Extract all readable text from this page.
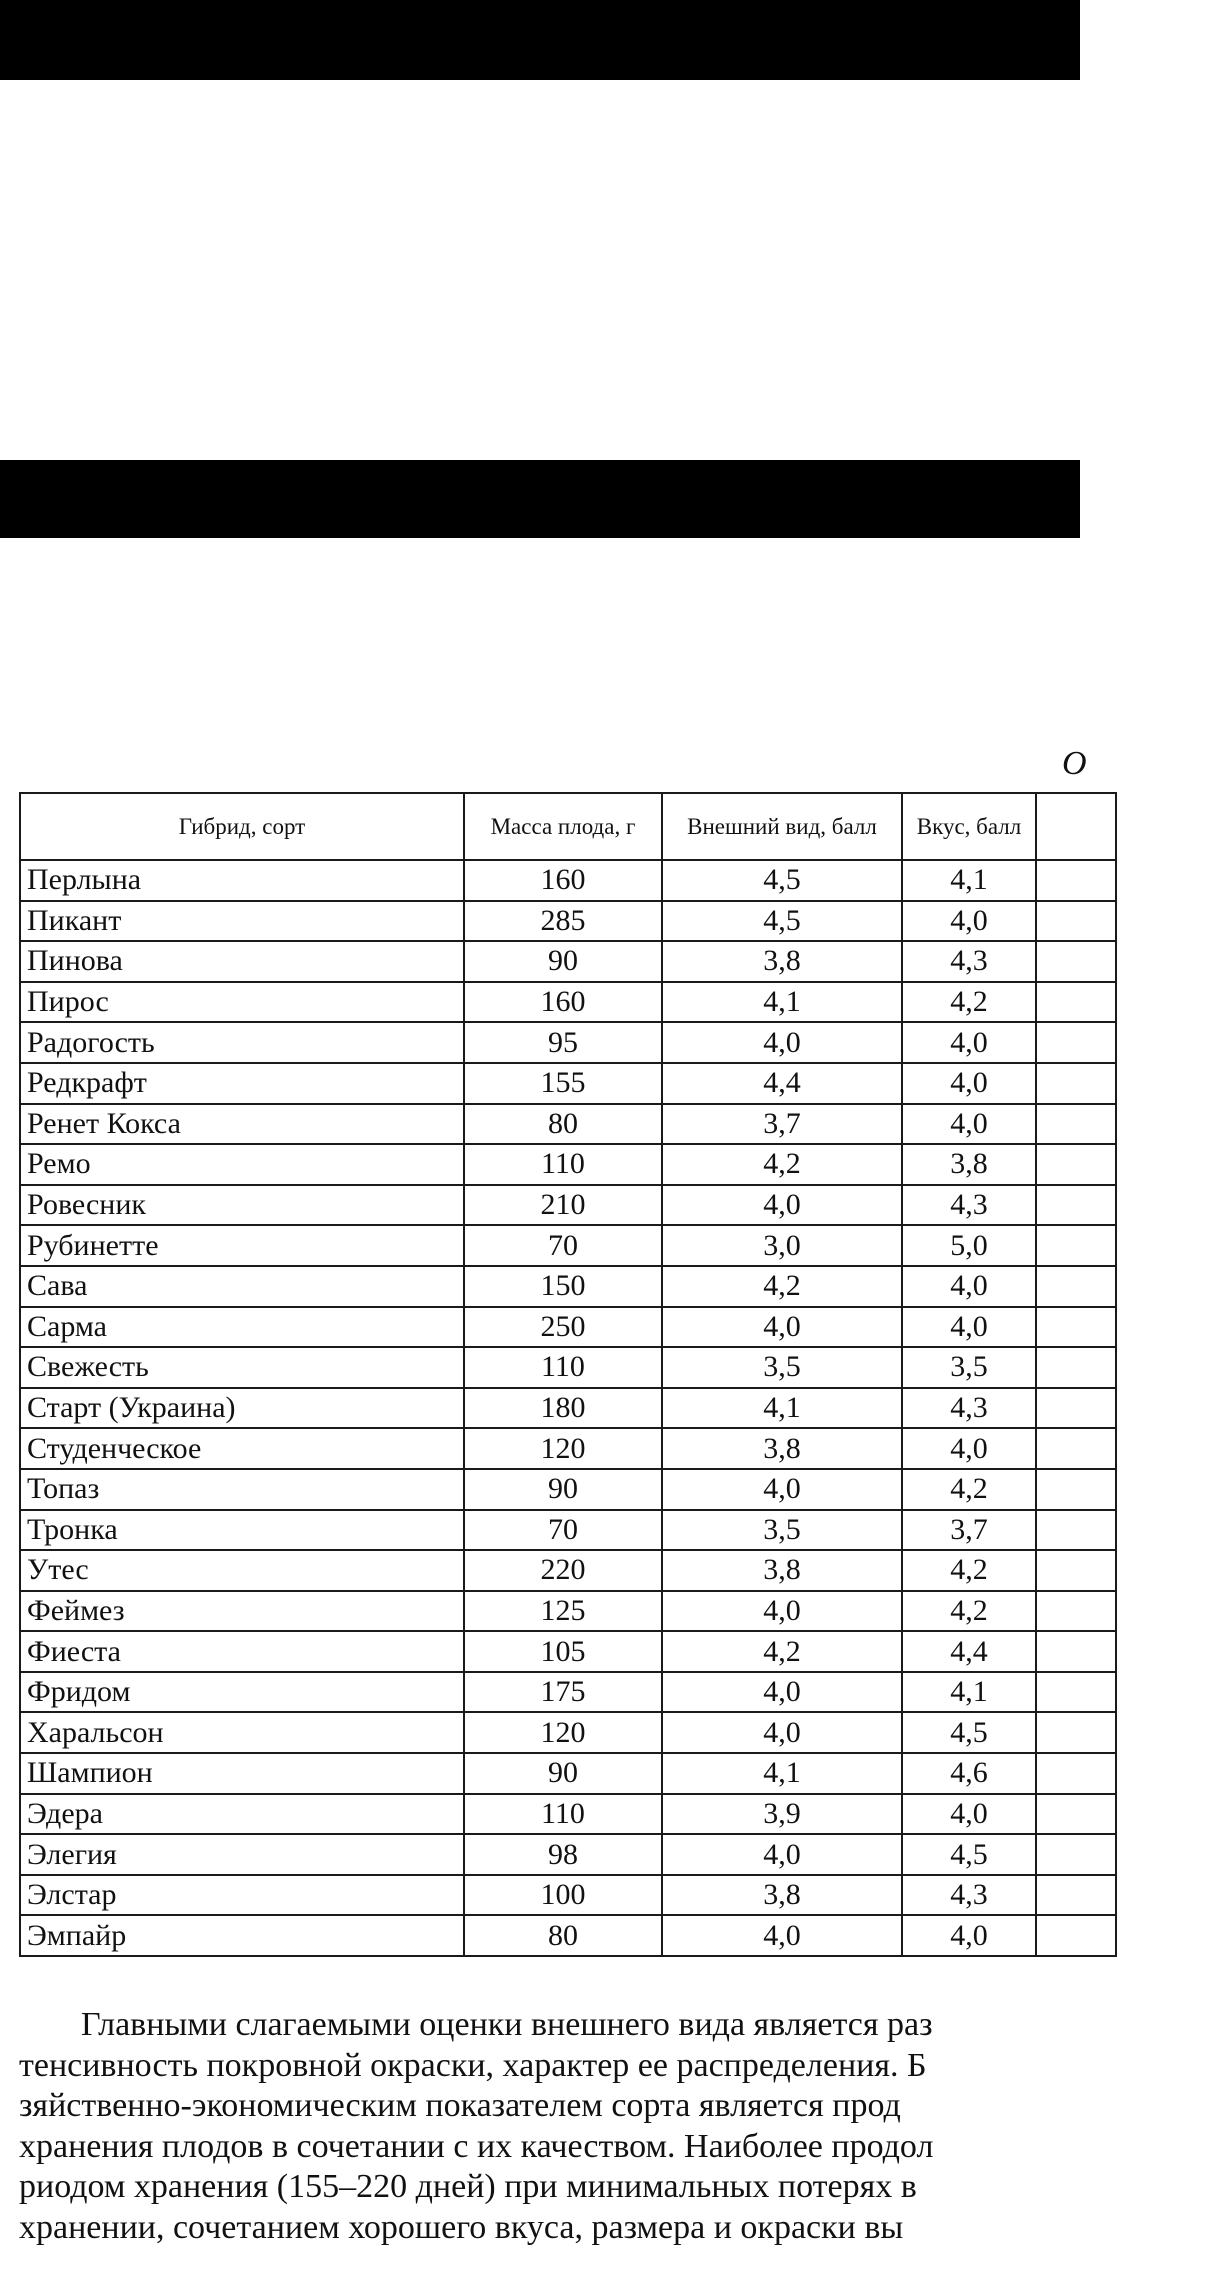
О
Гибрид, сорт	Масса плода, г	Внешний вид, балл	Вкус, балл	
Перлына	160	4,5	4,1	
Пикант	285	4,5	4,0	
Пинова	90	3,8	4,3	
Пирос	160	4,1	4,2	
Радогость	95	4,0	4,0	
Редкрафт	155	4,4	4,0	
Ренет Кокса	80	3,7	4,0	
Ремо	110	4,2	3,8	
Ровесник	210	4,0	4,3	
Рубинетте	70	3,0	5,0	
Сава	150	4,2	4,0	
Сарма	250	4,0	4,0	
Свежесть	110	3,5	3,5	
Старт (Украина)	180	4,1	4,3	
Студенческое	120	3,8	4,0	
Топаз	90	4,0	4,2	
Тронка	70	3,5	3,7	
Утес	220	3,8	4,2	
Феймез	125	4,0	4,2	
Фиеста	105	4,2	4,4	
Фридом	175	4,0	4,1	
Харальсон	120	4,0	4,5	
Шампион	90	4,1	4,6	
Эдера	110	3,9	4,0	
Элегия	98	4,0	4,5	
Элстар	100	3,8	4,3	
Эмпайр	80	4,0	4,0	
Главными слагаемыми оценки внешнего вида является раз
тенсивность покровной окраски, характер ее распределения. Б
зяйственно-экономическим показателем сорта является прод
хранения плодов в сочетании с их качеством. Наиболее продол
риодом хранения (155–220 дней) при минимальных потерях в
хранении, сочетанием хорошего вкуса, размера и окраски вы
